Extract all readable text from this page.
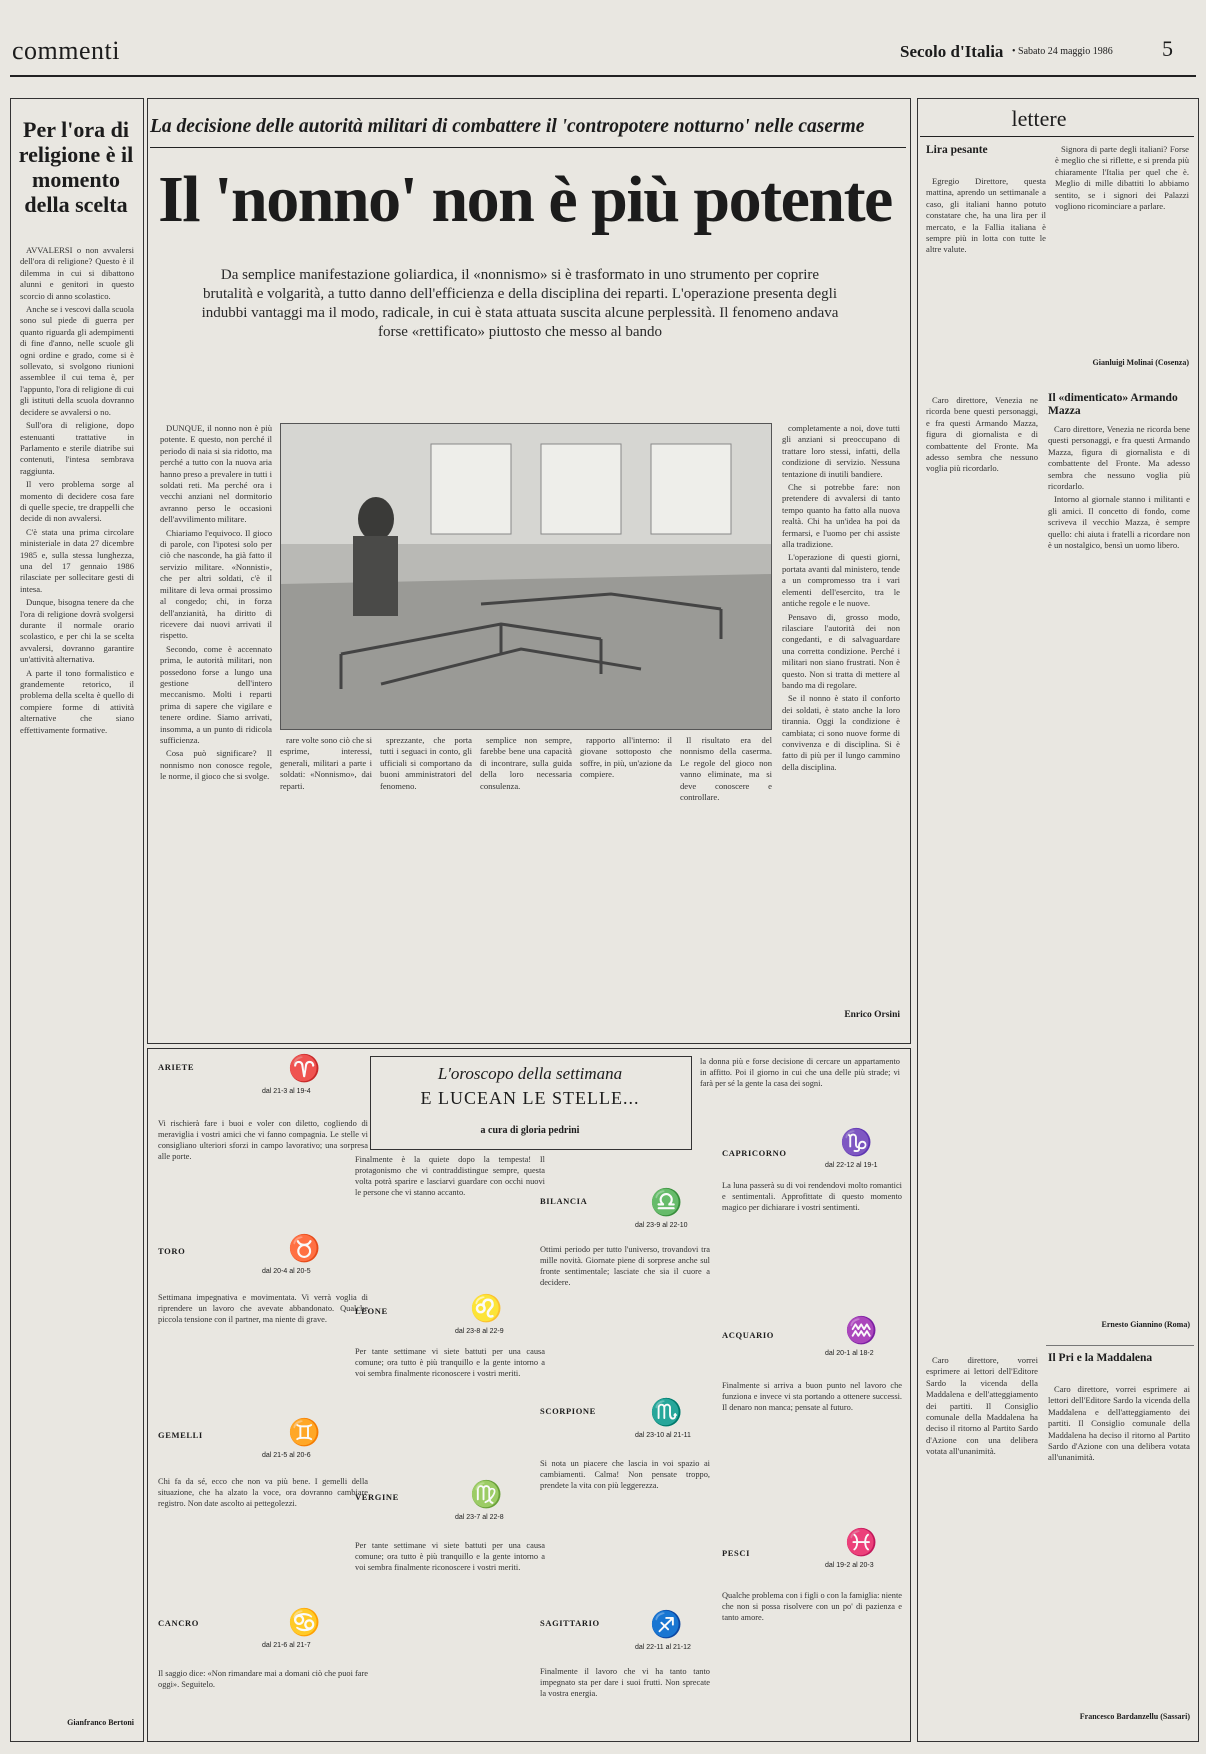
commenti	Secolo d'Italia • Sabato 24 maggio 1986 5
Per l'ora di religione è il momento della scelta

AVVALERSI o non avvalersi dell'ora di religione? Questo è il dilemma in cui si dibattono alunni e genitori in questo scorcio di anno scolastico.

Anche se i vescovi dalla scuola sono sul piede di guerra per quanto riguarda gli adempimenti di fine d'anno, nelle scuole gli ogni ordine e grado, come si è sollevato, si svolgono riunioni assemblee il cui tema è, per l'appunto, l'ora di religione di cui gli istituti della scuola dovranno decidere se avvalersi o no.

Sull'ora di religione, dopo estenuanti trattative in Parlamento e sterile diatribe sui contenuti, l'intesa sembrava raggiunta.

Il vero problema sorge al momento di decidere cosa fare di quelle specie, tre drappelli che decide di non avvalersi.

C'è stata una prima circolare ministeriale in data 27 dicembre 1985 e, sulla stessa lunghezza, una del 17 gennaio 1986 rilasciate per sollecitare gesti di intesa.

Dunque, bisogna tenere da che l'ora di religione dovrà svolgersi durante il normale orario scolastico, e per chi la se scelta avvalersi, dovranno garantire un'attività alternativa.

A parte il tono formalistico e grandemente retorico, il problema della scelta è quello di compiere forme di attività alternative che siano effettivamente formative.

Gianfranco Bertoni
La decisione delle autorità militari di combattere il 'contropotere notturno' nelle caserme
Il 'nonno' non è più potente
Da semplice manifestazione goliardica, il «nonnismo» si è trasformato in uno strumento per coprire brutalità e volgarità, a tutto danno dell'efficienza e della disciplina dei reparti. L'operazione presenta degli indubbi vantaggi ma il modo, radicale, in cui è stata attuata suscita alcune perplessità. Il fenomeno andava forse «rettificato» piuttosto che messo al bando

DUNQUE, il nonno non è più potente. E questo, non perché il periodo di naia si sia ridotto, ma perché a tutto con la nuova aria hanno preso a prevalere in tutti i soldati reti. Ma perché ora i vecchi anziani nel dormitorio avranno perso le occasioni dell'avvilimento militare.

Chiariamo l'equivoco. Il gioco di parole, con l'ipotesi solo per ciò che nasconde, ha già fatto il servizio militare. «Nonnisti», che per altri soldati, c'è il militare di leva ormai prossimo al congedo; chi, in forza dell'anzianità, ha diritto di ricevere dai nuovi arrivati il rispetto.

Secondo, come è accennato prima, le autorità militari, non possedono forse a lungo una gestione dell'intero meccanismo. Molti i reparti prima di sapere che vigilare e tenere ordine. Siamo arrivati, insomma, a un punto di ridicola sufficienza.

Cosa può significare? Il nonnismo non conosce regole, le norme, il gioco che si svolge.

completamente a noi, dove tutti gli anziani si preoccupano di trattare loro stessi, infatti, della condizione di servizio. Nessuna tentazione di inutili bandiere.

Che si potrebbe fare: non pretendere di avvalersi di tanto tempo quanto ha fatto alla nuova realtà. Chi ha un'idea ha poi da fermarsi, e l'uomo per chi assiste alla tradizione.

L'operazione di questi giorni, portata avanti dal ministero, tende a un compromesso tra i vari elementi dell'esercito, tra le antiche regole e le nuove.

Pensavo di, grosso modo, rilasciare l'autorità dei non congedanti, e di salvaguardare una corretta condizione. Perché i militari non siano frustrati. Non è questo. Non si tratta di mettere al bando ma di regolare.

Se il nonno è stato il conforto dei soldati, è stato anche la loro tirannia. Oggi la condizione è cambiata; ci sono nuove forme di convivenza e di disciplina. Si è fatto di più per il lungo cammino della disciplina.

Enrico Orsini

rare volte sono ciò che si esprime, interessi, generali, militari a parte i soldati: «Nonnismo», dai reparti.

sprezzante, che porta tutti i seguaci in conto, gli ufficiali si comportano da buoni amministratori del fenomeno.

semplice non sempre, farebbe bene una capacità di incontrare, sulla guida della loro necessaria consulenza.

rapporto all'interno: il giovane sottoposto che soffre, in più, un'azione da compiere.

Il risultato era del nonnismo della caserma. Le regole del gioco non vanno eliminate, ma si deve conoscere e controllare.

lettere
Lira pesante

Egregio Direttore, questa mattina, aprendo un settimanale a caso, gli italiani hanno potuto constatare che, ha una lira per il mercato, e la Fallia italiana è sempre più in lotta con tutte le altre valute.

Signora di parte degli italiani? Forse è meglio che si riflette, e si prenda più chiaramente l'Italia per quel che è. Meglio di mille dibattiti lo abbiamo sentito, se i signori dei Palazzi vogliono ricominciare a parlare.

Gianluigi Molinai (Cosenza)
Il «dimenticato» Armando Mazza

Caro direttore, Venezia ne ricorda bene questi personaggi, e fra questi Armando Mazza, figura di giornalista e di combattente del Fronte. Ma adesso sembra che nessuno voglia più ricordarlo.

Intorno al giornale stanno i militanti e gli amici. Il concetto di fondo, come scriveva il vecchio Mazza, è sempre quello: chi aiuta i fratelli a ricordare non è un nostalgico, bensì un uomo libero.

Caro direttore, Venezia ne ricorda bene questi personaggi, e fra questi Armando Mazza, figura di giornalista e di combattente del Fronte. Ma adesso sembra che nessuno voglia più ricordarlo.

Ernesto Giannino (Roma)
Il Pri e la Maddalena

Caro direttore, vorrei esprimere ai lettori dell'Editore Sardo la vicenda della Maddalena e dell'atteggiamento dei partiti. Il Consiglio comunale della Maddalena ha deciso il ritorno al Partito Sardo d'Azione con una delibera votata all'unanimità.

Caro direttore, vorrei esprimere ai lettori dell'Editore Sardo la vicenda della Maddalena e dell'atteggiamento dei partiti. Il Consiglio comunale della Maddalena ha deciso il ritorno al Partito Sardo d'Azione con una delibera votata all'unanimità.

Francesco Bardanzellu (Sassari)
L'oroscopo della settimana
E LUCEAN LE STELLE...
a cura di gloria pedrini
la donna più e forse decisione di cercare un appartamento in affitto. Poi il giorno in cui che una delle più strade; vi farà per sé la gente la casa dei sogni.
ARIETE	♈
dal 21-3 al 19-4
Vi rischierà fare i buoi e voler con diletto, cogliendo di meraviglia i vostri amici che vi fanno compagnia. Le stelle vi consigliano ulteriori sforzi in campo lavorativo; una sorpresa alle porte.
TORO	♉
dal 20-4 al 20-5
Settimana impegnativa e movimentata. Vi verrà voglia di riprendere un lavoro che avevate abbandonato. Qualche piccola tensione con il partner, ma niente di grave.
GEMELLI	♊
dal 21-5 al 20-6
Chi fa da sé, ecco che non va più bene. I gemelli della situazione, che ha alzato la voce, ora dovranno cambiare registro. Non date ascolto ai pettegolezzi.
CANCRO	♋
dal 21-6 al 21-7
Il saggio dice: «Non rimandare mai a domani ciò che puoi fare oggi». Seguitelo.
LEONE	♌
dal 23-8 al 22-9
Finalmente è la quiete dopo la tempesta! Il protagonismo che vi contraddistingue sempre, questa volta potrà sparire e lasciarvi guardare con occhi nuovi le persone che vi stanno accanto.
VERGINE	♍
dal 23-7 al 22-8
Per tante settimane vi siete battuti per una causa comune; ora tutto è più tranquillo e la gente intorno a voi sembra finalmente riconoscere i vostri meriti.
Per tante settimane vi siete battuti per una causa comune; ora tutto è più tranquillo e la gente intorno a voi sembra finalmente riconoscere i vostri meriti.
BILANCIA ♎
dal 23-9 al 22-10
Ottimi periodo per tutto l'universo, trovandovi tra mille novità. Giornate piene di sorprese anche sul fronte sentimentale; lasciate che sia il cuore a decidere.
SCORPIONE ♏
dal 23-10 al 21-11
Si nota un piacere che lascia in voi spazio ai cambiamenti. Calma! Non pensate troppo, prendete la vita con più leggerezza.
SAGITTARIO ♐
dal 22-11 al 21-12
Finalmente il lavoro che vi ha tanto tanto impegnato sta per dare i suoi frutti. Non sprecate la vostra energia.
CAPRICORNO ♑
dal 22-12 al 19-1
La luna passerà su di voi rendendovi molto romantici e sentimentali. Approfittate di questo momento magico per dichiarare i vostri sentimenti.
ACQUARIO	♒
dal 20-1 al 18-2
Finalmente si arriva a buon punto nel lavoro che funziona e invece vi sta portando a ottenere successi. Il denaro non manca; pensate al futuro.
PESCI	♓
dal 19-2 al 20-3
Qualche problema con i figli o con la famiglia: niente che non si possa risolvere con un po' di pazienza e tanto amore.
